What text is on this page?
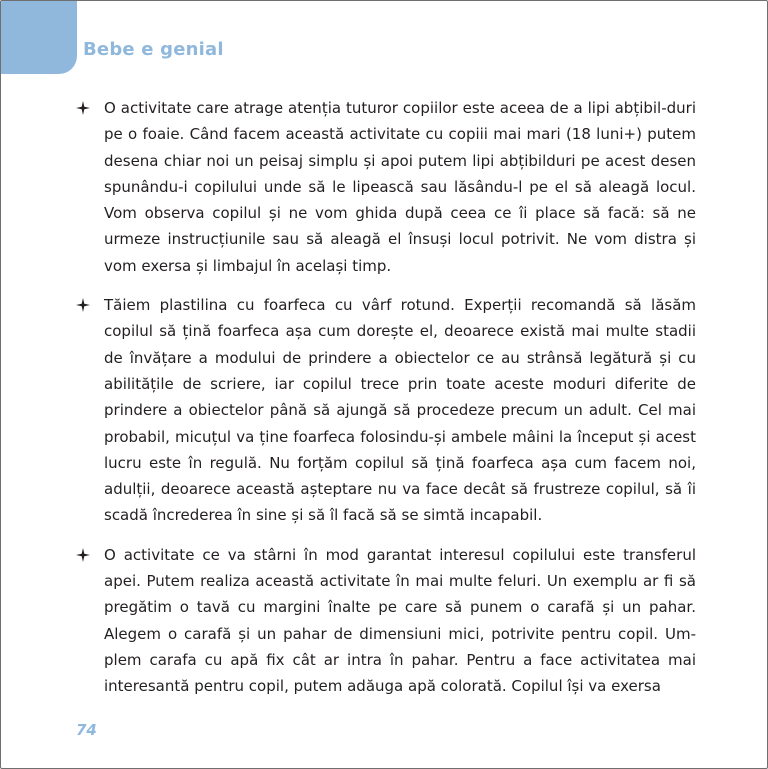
Bebe e genial
O activitate care atrage atenția tuturor copiilor este aceea de a lipi abțibil-duri pe o foaie. Când facem această activitate cu copiii mai mari (18 luni+) putem desena chiar noi un peisaj simplu și apoi putem lipi abțibilduri pe acest desen spunându-i copilului unde să le lipească sau lăsându-l pe el să aleagă locul. Vom observa copilul și ne vom ghida după ceea ce îi place să facă: să ne urmeze instrucțiunile sau să aleagă el însuși locul potrivit. Ne vom distra și vom exersa și limbajul în același timp.
Tăiem plastilina cu foarfeca cu vârf rotund. Experții recomandă să lăsăm copilul să țină foarfeca așa cum dorește el, deoarece există mai multe stadii de învățare a modului de prindere a obiectelor ce au strânsă legătură și cu abilitățile de scriere, iar copilul trece prin toate aceste moduri diferite de prindere a obiectelor până să ajungă să procedeze precum un adult. Cel mai probabil, micuțul va ține foarfeca folosindu-și ambele mâini la început și acest lucru este în regulă. Nu forțăm copilul să țină foarfeca așa cum facem noi, adulții, deoarece această așteptare nu va face decât să frustreze copilul, să îi scadă încrederea în sine și să îl facă să se simtă incapabil.
O activitate ce va stârni în mod garantat interesul copilului este transferul apei. Putem realiza această activitate în mai multe feluri. Un exemplu ar fi să pregătim o tavă cu margini înalte pe care să punem o carafă și un pahar. Alegem o carafă și un pahar de dimensiuni mici, potrivite pentru copil. Um-plem carafa cu apă fix cât ar intra în pahar. Pentru a face activitatea mai interesantă pentru copil, putem adăuga apă colorată. Copilul își va exersa
74
